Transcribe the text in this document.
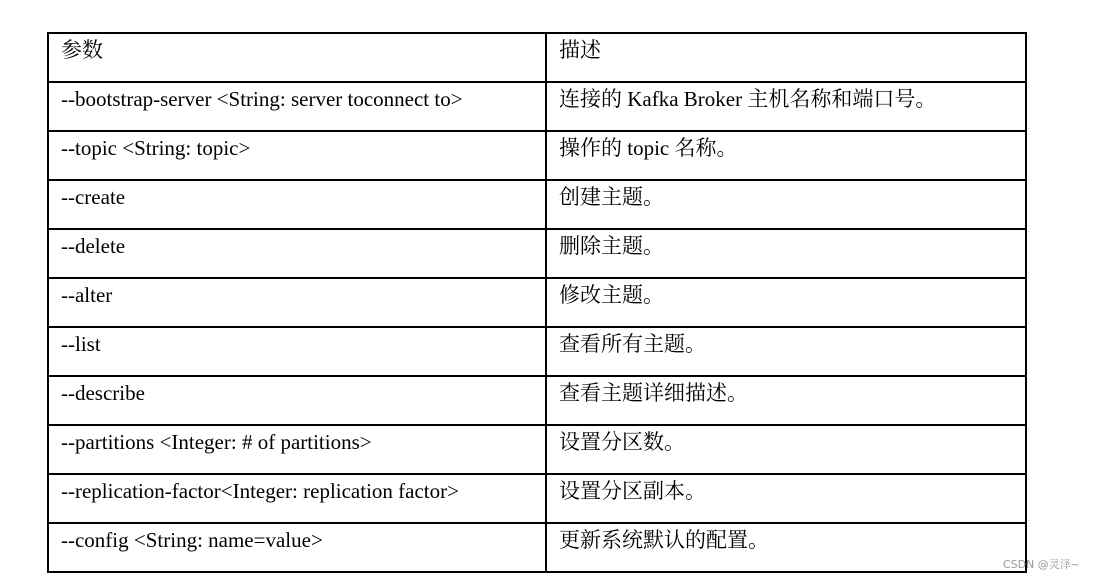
参数	描述
--bootstrap-server <String: server toconnect to>	连接的 Kafka Broker 主机名称和端口号。
--topic <String: topic>	操作的 topic 名称。
--create	创建主题。
--delete	删除主题。
--alter	修改主题。
--list	查看所有主题。
--describe	查看主题详细描述。
--partitions <Integer: # of partitions>	设置分区数。
--replication-factor<Integer: replication factor>	设置分区副本。
--config <String: name=value>	更新系统默认的配置。
CSDN @灵泽~
